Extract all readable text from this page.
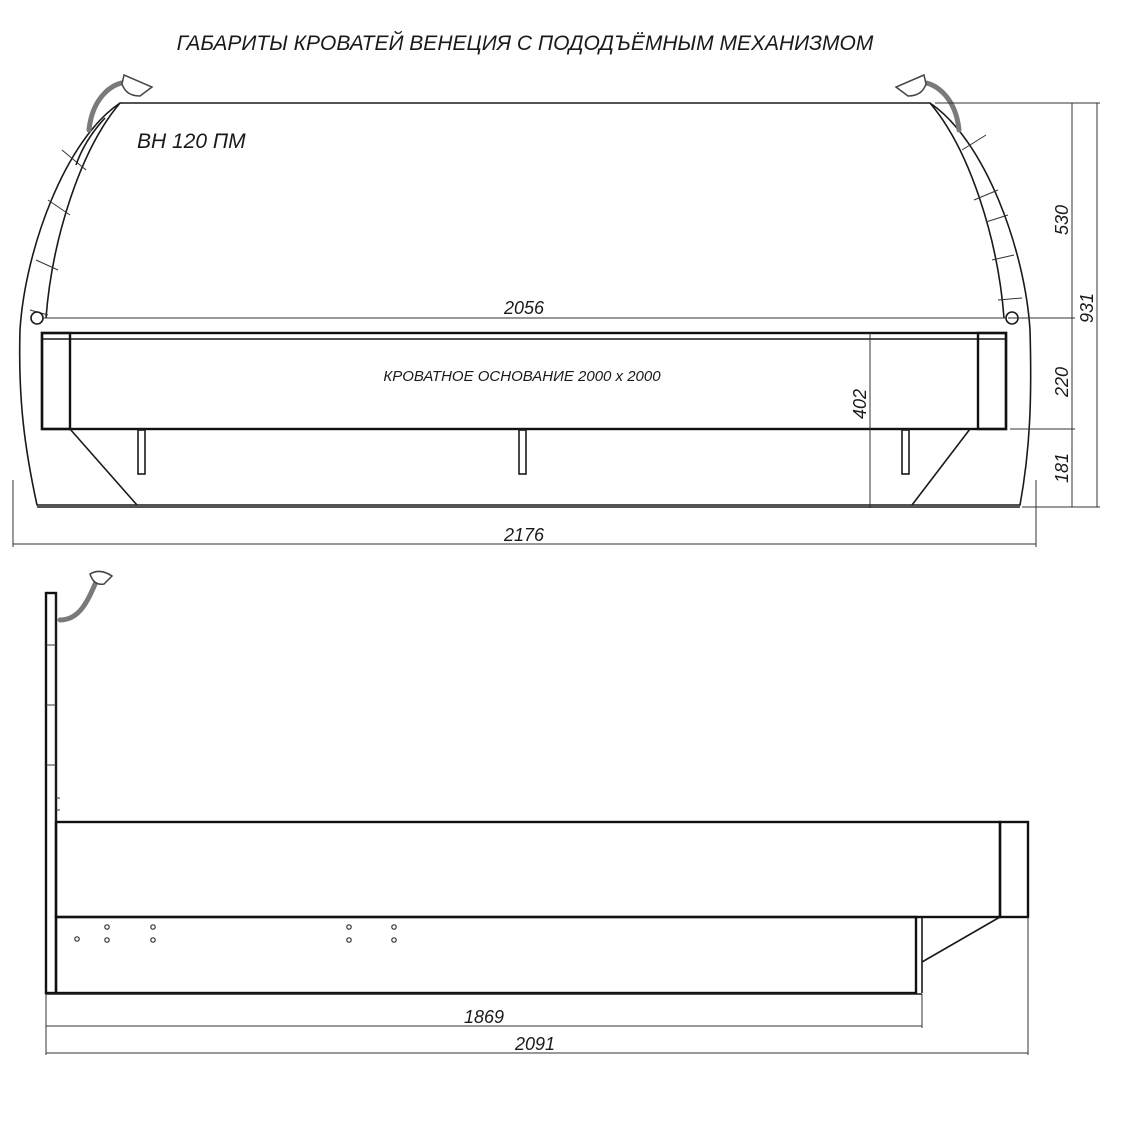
ГАБАРИТЫ КРОВАТЕЙ ВЕНЕЦИЯ С ПОДОДЪЁМНЫМ МЕХАНИЗМОМ
2056
КРОВАТНОЕ ОСНОВАНИЕ 2000 х 2000
402
ВН 120 ПМ
530
931
220
181
2176
1869
2091
